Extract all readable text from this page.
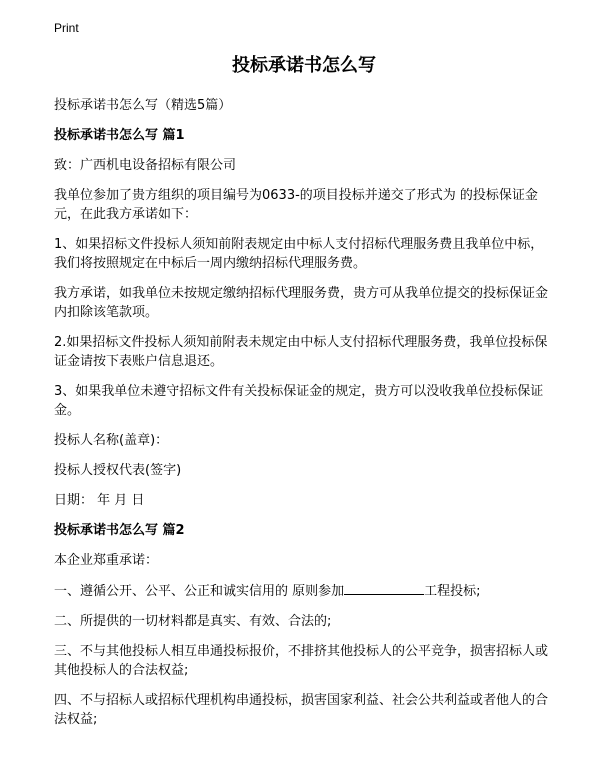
Print
投标承诺书怎么写

投标承诺书怎么写（精选5篇）

投标承诺书怎么写 篇1

致：广西机电设备招标有限公司

我单位参加了贵方组织的项目编号为0633-的项目投标并递交了形式为 的投标保证金 元，在此我方承诺如下：

1、如果招标文件投标人须知前附表规定由中标人支付招标代理服务费且我单位中标，我们将按照规定在中标后一周内缴纳招标代理服务费。

我方承诺，如我单位未按规定缴纳招标代理服务费，贵方可从我单位提交的投标保证金 内扣除该笔款项。

2.如果招标文件投标人须知前附表未规定由中标人支付招标代理服务费，我单位投标保 证金请按下表账户信息退还。

3、如果我单位未遵守招标文件有关投标保证金的规定，贵方可以没收我单位投标保证金。

投标人名称(盖章)：

投标人授权代表(签字)

日期： 年 月 日

投标承诺书怎么写 篇2

本企业郑重承诺：

一、遵循公开、公平、公正和诚实信用的 原则参加	工程投标;

二、所提供的一切材料都是真实、有效、合法的;

三、不与其他投标人相互串通投标报价，不排挤其他投标人的公平竞争，损害招标人或其他投标人的合法权益;

四、不与招标人或招标代理机构串通投标，损害国家利益、社会公共利益或者他人的合法权益;
